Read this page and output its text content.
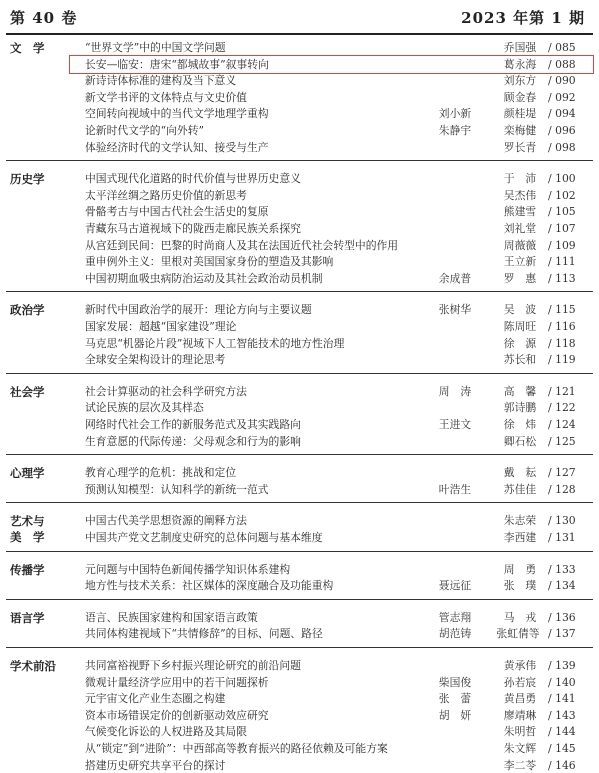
第 40 卷	2023 年第 1 期
文　学	“世界文学”中的中国文学问题	乔国强	/ 085
长安—临安：唐宋“都城故事”叙事转向	葛永海	/ 088
新诗诗体标准的建构及当下意义	刘东方	/ 090
新文学书评的文体特点与文史价值	顾金春	/ 092
空间转向视域中的当代文学地理学重构	刘小新	颜桂堤	/ 094
论新时代文学的“向外转”	朱静宇	栾梅健	/ 096
体验经济时代的文学认知、接受与生产	罗长青	/ 098
历史学	中国式现代化道路的时代价值与世界历史意义	于　沛	/ 100
太平洋丝绸之路历史价值的新思考	吴杰伟	/ 102
骨骼考古与中国古代社会生活史的复原	熊建雪	/ 105
青藏东马古道视域下的陇西走廊民族关系探究	刘礼堂	/ 107
从宫廷到民间：巴黎的时尚商人及其在法国近代社会转型中的作用	周薇薇	/ 109
重申例外主义：里根对美国国家身份的塑造及其影响	王立新	/ 111
中国初期血吸虫病防治运动及其社会政治动员机制	余成普	罗　惠	/ 113
政治学	新时代中国政治学的展开：理论方向与主要议题	张树华	吴　波	/ 115
国家发展：超越“国家建设”理论	陈周旺	/ 116
马克思“机器论片段”视域下人工智能技术的地方性治理	徐　源	/ 118
全球安全架构设计的理论思考	苏长和	/ 119
社会学	社会计算驱动的社会科学研究方法	周　涛	高　馨	/ 121
试论民族的层次及其样态	郭诗鹏	/ 122
网络时代社会工作的新服务范式及其实践路向	王进文	徐　炜	/ 124
生育意愿的代际传递：父母观念和行为的影响	卿石松	/ 125
心理学	教育心理学的危机：挑战和定位	戴　耘	/ 127
预测认知模型：认知科学的新统一范式	叶浩生	苏佳佳	/ 128
艺术与
美　学
中国古代美学思想资源的阐释方法	朱志荣	/ 130
中国共产党文艺制度史研究的总体问题与基本维度	李西建	/ 131
传播学	元问题与中国特色新闻传播学知识体系建构	周　勇	/ 133
地方性与技术关系：社区媒体的深度融合及功能重构	聂远征	张　璞	/ 134
语言学	语言、民族国家建构和国家语言政策	管志翔	马　戎	/ 136
共同体构建视域下“共情修辞”的目标、问题、路径	胡范铸	张虹倩等 / 137
学术前沿	共同富裕视野下乡村振兴理论研究的前沿问题	黄承伟	/ 139
微观计量经济学应用中的若干问题探析	柴国俊	孙若宸	/ 140
元宇宙文化产业生态圈之构建	张　蕾	黄昌勇	/ 141
资本市场错误定价的创新驱动效应研究	胡　妍	廖靖琳	/ 143
气候变化诉讼的人权进路及其局限	朱明哲	/ 144
从“锁定”到“进阶”：中西部高等教育振兴的路径依赖及可能方案	朱文辉	/ 145
搭建历史研究共享平台的探讨	李二苓	/ 146
